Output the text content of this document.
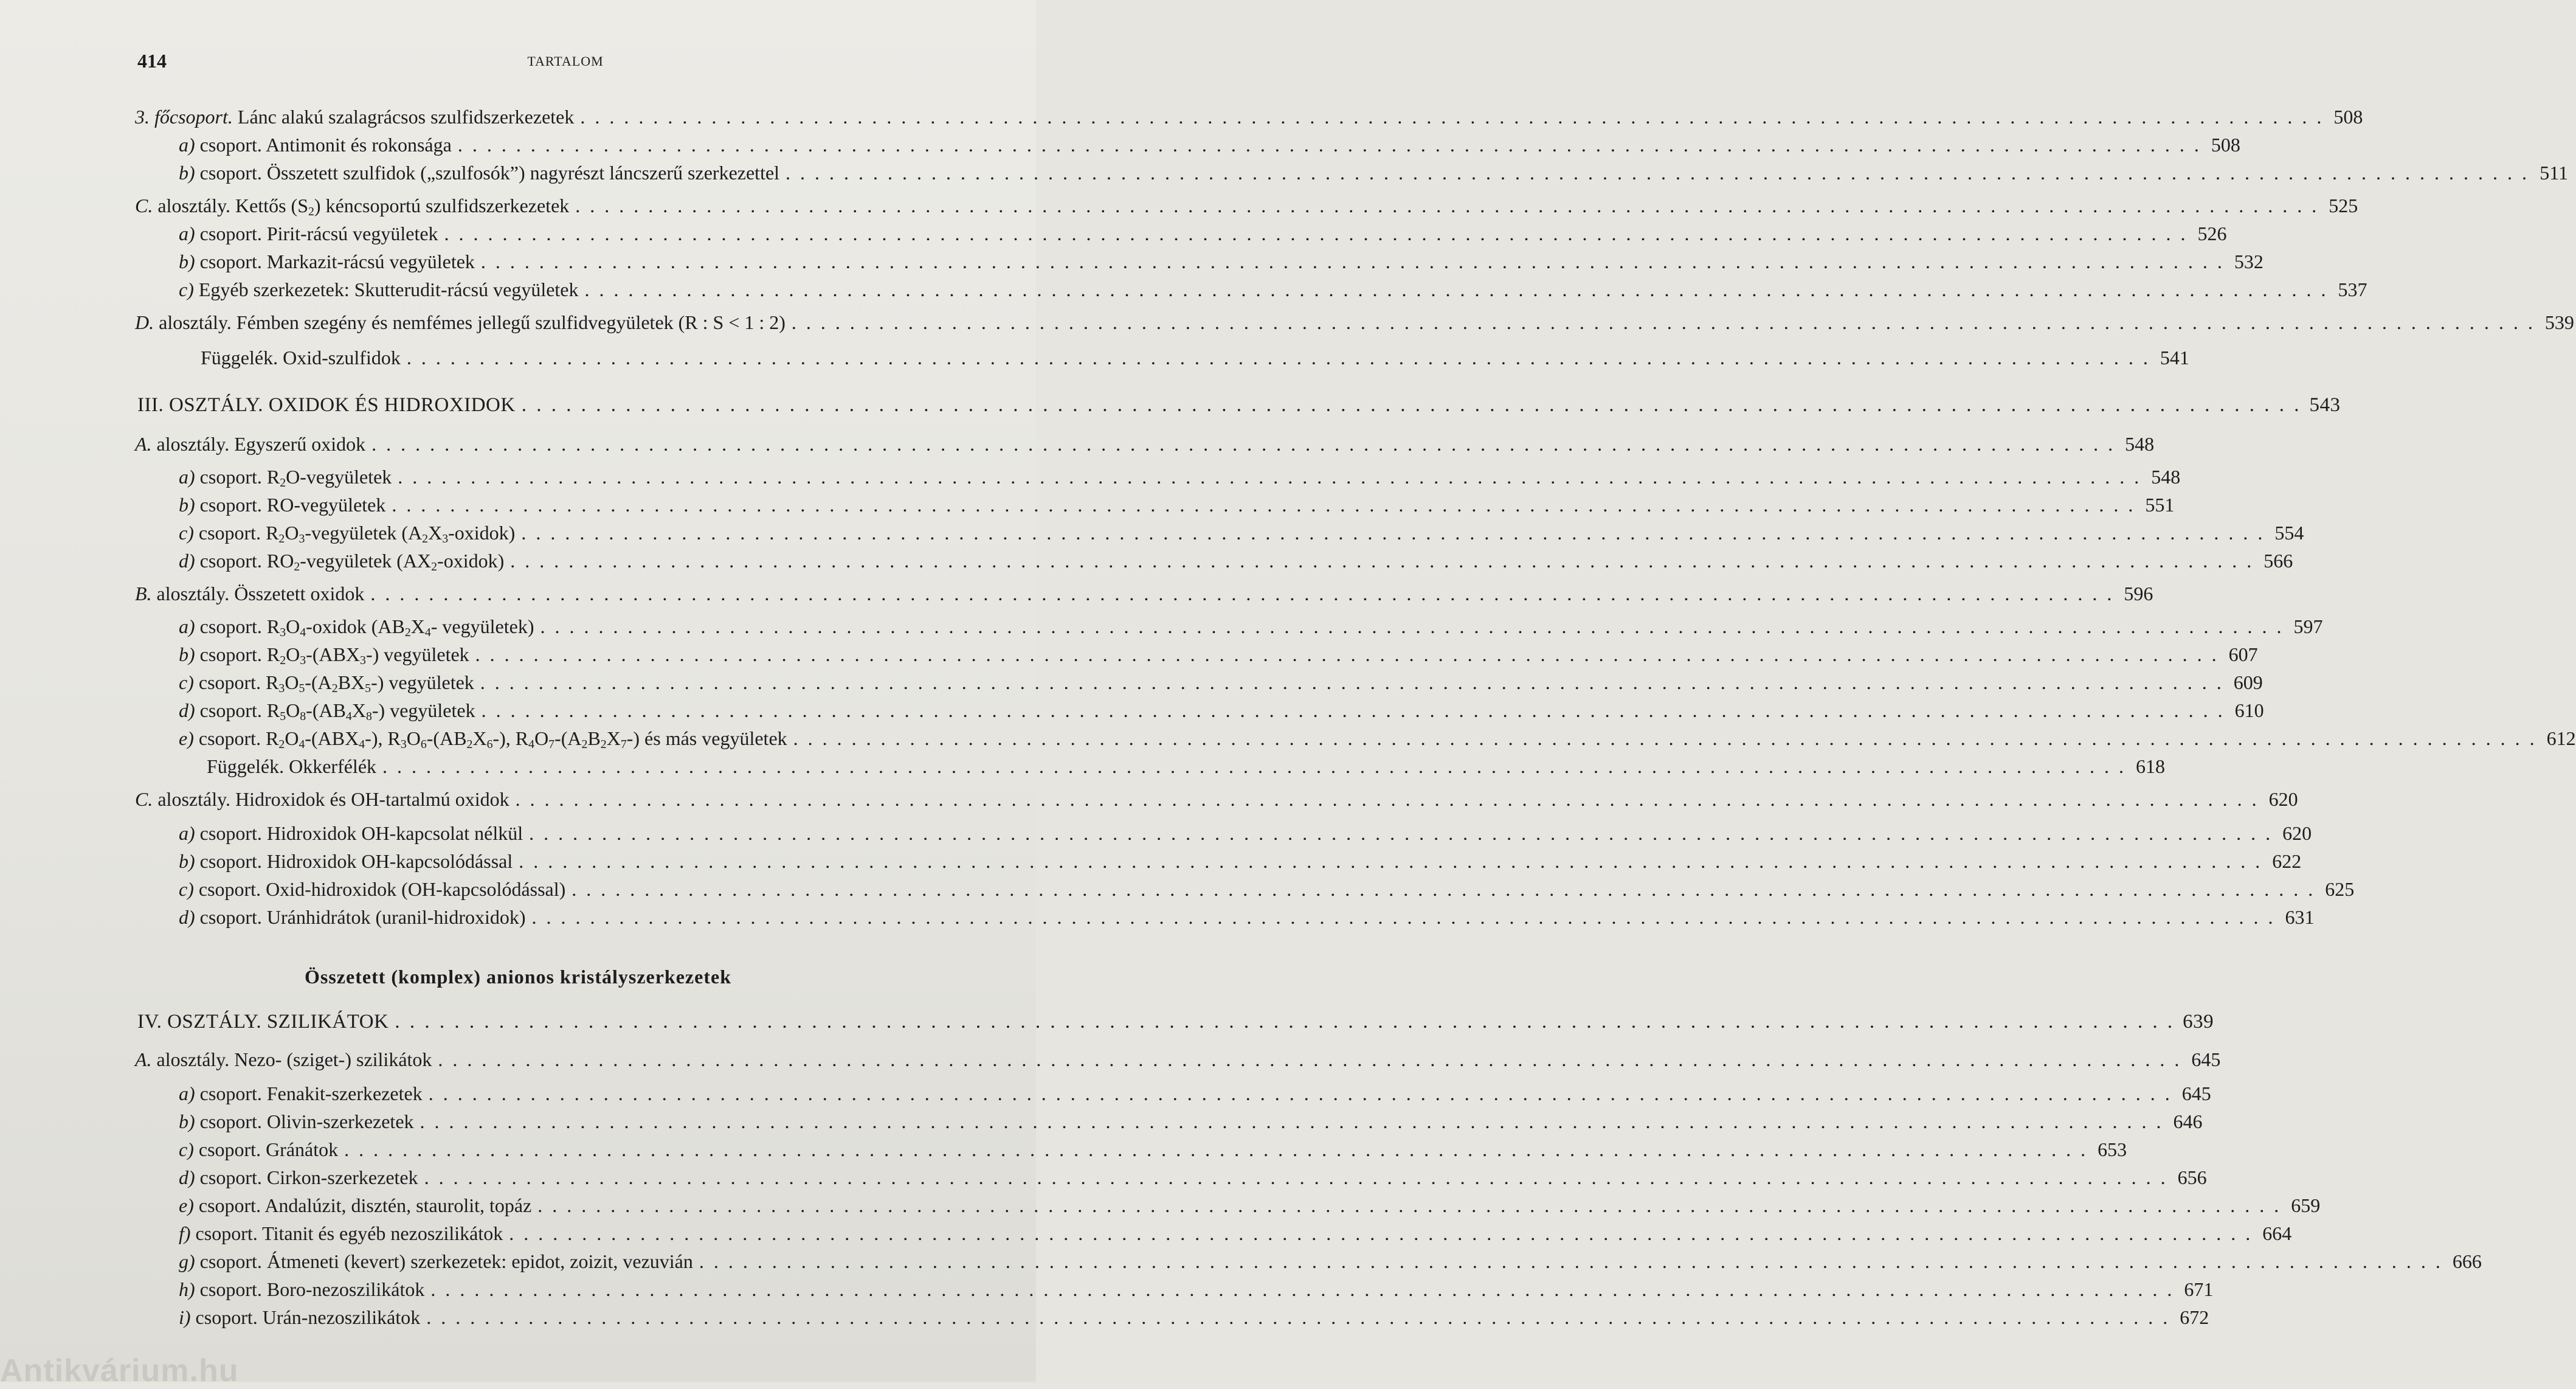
414	TARTALOM
3. főcsoport. Lánc alakú szalagrácsos szulfidszerkezetek . . . . . . . . . . . . . . . . . . . . . . . . . . . . . . . . . . . . . . . . . . . . . . . . . . . . . . . . . . . . . . . . . . . . . . . . . . . . . . . . . . . . . . . . . . . . . . . . . . . . . . . . . . . . . . . . . . . . . . . . 508
a) csoport. Antimonit és rokonsága . . . . . . . . . . . . . . . . . . . . . . . . . . . . . . . . . . . . . . . . . . . . . . . . . . . . . . . . . . . . . . . . . . . . . . . . . . . . . . . . . . . . . . . . . . . . . . . . . . . . . . . . . . . . . . . . . . . . . . . . 508
b) csoport. Összetett szulfidok („szulfosók”) nagyrészt láncszerű szerkezettel . . . . . . . . . . . . . . . . . . . . . . . . . . . . . . . . . . . . . . . . . . . . . . . . . . . . . . . . . . . . . . . . . . . . . . . . . . . . . . . . . . . . . . . . . . . . . . . . . . . . . . . . . . . . . . . . . . . . . . . . 511
C. alosztály. Kettős $(S_2)$ kéncsoportú szulfidszerkezetek . . . . . . . . . . . . . . . . . . . . . . . . . . . . . . . . . . . . . . . . . . . . . . . . . . . . . . . . . . . . . . . . . . . . . . . . . . . . . . . . . . . . . . . . . . . . . . . . . . . . . . . . . . . . . . . . . . . . . . . . 525
a) csoport. Pirit-rácsú vegyületek . . . . . . . . . . . . . . . . . . . . . . . . . . . . . . . . . . . . . . . . . . . . . . . . . . . . . . . . . . . . . . . . . . . . . . . . . . . . . . . . . . . . . . . . . . . . . . . . . . . . . . . . . . . . . . . . . . . . . . . . 526
b) csoport. Markazit-rácsú vegyületek . . . . . . . . . . . . . . . . . . . . . . . . . . . . . . . . . . . . . . . . . . . . . . . . . . . . . . . . . . . . . . . . . . . . . . . . . . . . . . . . . . . . . . . . . . . . . . . . . . . . . . . . . . . . . . . . . . . . . . . . 532
c) Egyéb szerkezetek: Skutterudit-rácsú vegyületek . . . . . . . . . . . . . . . . . . . . . . . . . . . . . . . . . . . . . . . . . . . . . . . . . . . . . . . . . . . . . . . . . . . . . . . . . . . . . . . . . . . . . . . . . . . . . . . . . . . . . . . . . . . . . . . . . . . . . . . . 537
D. alosztály. Fémben szegény és nemfémes jellegű szulfidvegyületek (R : S < 1 : 2) . . . . . . . . . . . . . . . . . . . . . . . . . . . . . . . . . . . . . . . . . . . . . . . . . . . . . . . . . . . . . . . . . . . . . . . . . . . . . . . . . . . . . . . . . . . . . . . . . . . . . . . . . . . . . . . . . . . . . . . . 539
Függelék. Oxid-szulfidok . . . . . . . . . . . . . . . . . . . . . . . . . . . . . . . . . . . . . . . . . . . . . . . . . . . . . . . . . . . . . . . . . . . . . . . . . . . . . . . . . . . . . . . . . . . . . . . . . . . . . . . . . . . . . . . . . . . . . . . . 541
III. OSZTÁLY. OXIDOK ÉS HIDROXIDOK . . . . . . . . . . . . . . . . . . . . . . . . . . . . . . . . . . . . . . . . . . . . . . . . . . . . . . . . . . . . . . . . . . . . . . . . . . . . . . . . . . . . . . . . . . . . . . . . . . . . . . . . . . . . . . . . . . . . . . . . 543
A. alosztály. Egyszerű oxidok . . . . . . . . . . . . . . . . . . . . . . . . . . . . . . . . . . . . . . . . . . . . . . . . . . . . . . . . . . . . . . . . . . . . . . . . . . . . . . . . . . . . . . . . . . . . . . . . . . . . . . . . . . . . . . . . . . . . . . . . 548
a) csoport. $R_2O$-vegyületek . . . . . . . . . . . . . . . . . . . . . . . . . . . . . . . . . . . . . . . . . . . . . . . . . . . . . . . . . . . . . . . . . . . . . . . . . . . . . . . . . . . . . . . . . . . . . . . . . . . . . . . . . . . . . . . . . . . . . . . . 548
b) csoport. RO-vegyületek . . . . . . . . . . . . . . . . . . . . . . . . . . . . . . . . . . . . . . . . . . . . . . . . . . . . . . . . . . . . . . . . . . . . . . . . . . . . . . . . . . . . . . . . . . . . . . . . . . . . . . . . . . . . . . . . . . . . . . . . 551
c) csoport. $R_2O_3$-vegyületek $(A_2X_3-oxidok)$ . . . . . . . . . . . . . . . . . . . . . . . . . . . . . . . . . . . . . . . . . . . . . . . . . . . . . . . . . . . . . . . . . . . . . . . . . . . . . . . . . . . . . . . . . . . . . . . . . . . . . . . . . . . . . . . . . . . . . . . . 554
d) csoport. $RO_2$-vegyületek $(AX_2-oxidok)$ . . . . . . . . . . . . . . . . . . . . . . . . . . . . . . . . . . . . . . . . . . . . . . . . . . . . . . . . . . . . . . . . . . . . . . . . . . . . . . . . . . . . . . . . . . . . . . . . . . . . . . . . . . . . . . . . . . . . . . . . 566
B. alosztály. Összetett oxidok . . . . . . . . . . . . . . . . . . . . . . . . . . . . . . . . . . . . . . . . . . . . . . . . . . . . . . . . . . . . . . . . . . . . . . . . . . . . . . . . . . . . . . . . . . . . . . . . . . . . . . . . . . . . . . . . . . . . . . . . 596
a) csoport. $R_3O_4$-oxidok ($AB_2X_4-$ vegyületek) . . . . . . . . . . . . . . . . . . . . . . . . . . . . . . . . . . . . . . . . . . . . . . . . . . . . . . . . . . . . . . . . . . . . . . . . . . . . . . . . . . . . . . . . . . . . . . . . . . . . . . . . . . . . . . . . . . . . . . . . 597
b) csoport. $R_2O_3-(ABX_3-)$ vegyületek . . . . . . . . . . . . . . . . . . . . . . . . . . . . . . . . . . . . . . . . . . . . . . . . . . . . . . . . . . . . . . . . . . . . . . . . . . . . . . . . . . . . . . . . . . . . . . . . . . . . . . . . . . . . . . . . . . . . . . . . 607
c) csoport. $R_3O_5-(A_2BX_5-)$ vegyületek . . . . . . . . . . . . . . . . . . . . . . . . . . . . . . . . . . . . . . . . . . . . . . . . . . . . . . . . . . . . . . . . . . . . . . . . . . . . . . . . . . . . . . . . . . . . . . . . . . . . . . . . . . . . . . . . . . . . . . . . 609
d) csoport. $R_5O_8-(AB_4X_8-)$ vegyületek . . . . . . . . . . . . . . . . . . . . . . . . . . . . . . . . . . . . . . . . . . . . . . . . . . . . . . . . . . . . . . . . . . . . . . . . . . . . . . . . . . . . . . . . . . . . . . . . . . . . . . . . . . . . . . . . . . . . . . . . 610
e) csoport. $R_2O_4-(ABX_4-)$, $R_3O_6-(AB_2X_6-)$, $R_4O_7-(A_2B_2X_7-)$ és más vegyületek . . . . . . . . . . . . . . . . . . . . . . . . . . . . . . . . . . . . . . . . . . . . . . . . . . . . . . . . . . . . . . . . . . . . . . . . . . . . . . . . . . . . . . . . . . . . . . . . . . . . . . . . . . . . . . . . . . . . . . . . 612
Függelék. Okkerfélék . . . . . . . . . . . . . . . . . . . . . . . . . . . . . . . . . . . . . . . . . . . . . . . . . . . . . . . . . . . . . . . . . . . . . . . . . . . . . . . . . . . . . . . . . . . . . . . . . . . . . . . . . . . . . . . . . . . . . . . . 618
C. alosztály. Hidroxidok és OH-tartalmú oxidok . . . . . . . . . . . . . . . . . . . . . . . . . . . . . . . . . . . . . . . . . . . . . . . . . . . . . . . . . . . . . . . . . . . . . . . . . . . . . . . . . . . . . . . . . . . . . . . . . . . . . . . . . . . . . . . . . . . . . . . . 620
a) csoport. Hidroxidok OH-kapcsolat nélkül . . . . . . . . . . . . . . . . . . . . . . . . . . . . . . . . . . . . . . . . . . . . . . . . . . . . . . . . . . . . . . . . . . . . . . . . . . . . . . . . . . . . . . . . . . . . . . . . . . . . . . . . . . . . . . . . . . . . . . . . 620
b) csoport. Hidroxidok OH-kapcsolódással . . . . . . . . . . . . . . . . . . . . . . . . . . . . . . . . . . . . . . . . . . . . . . . . . . . . . . . . . . . . . . . . . . . . . . . . . . . . . . . . . . . . . . . . . . . . . . . . . . . . . . . . . . . . . . . . . . . . . . . . 622
c) csoport. Oxid-hidroxidok (OH-kapcsolódással) . . . . . . . . . . . . . . . . . . . . . . . . . . . . . . . . . . . . . . . . . . . . . . . . . . . . . . . . . . . . . . . . . . . . . . . . . . . . . . . . . . . . . . . . . . . . . . . . . . . . . . . . . . . . . . . . . . . . . . . . 625
d) csoport. Uránhidrátok (uranil-hidroxidok) . . . . . . . . . . . . . . . . . . . . . . . . . . . . . . . . . . . . . . . . . . . . . . . . . . . . . . . . . . . . . . . . . . . . . . . . . . . . . . . . . . . . . . . . . . . . . . . . . . . . . . . . . . . . . . . . . . . . . . . . 631
IV. OSZTÁLY. SZILIKÁTOK . . . . . . . . . . . . . . . . . . . . . . . . . . . . . . . . . . . . . . . . . . . . . . . . . . . . . . . . . . . . . . . . . . . . . . . . . . . . . . . . . . . . . . . . . . . . . . . . . . . . . . . . . . . . . . . . . . . . . . . . 639
A. alosztály. Nezo- (sziget-) szilikátok . . . . . . . . . . . . . . . . . . . . . . . . . . . . . . . . . . . . . . . . . . . . . . . . . . . . . . . . . . . . . . . . . . . . . . . . . . . . . . . . . . . . . . . . . . . . . . . . . . . . . . . . . . . . . . . . . . . . . . . . 645
a) csoport. Fenakit-szerkezetek . . . . . . . . . . . . . . . . . . . . . . . . . . . . . . . . . . . . . . . . . . . . . . . . . . . . . . . . . . . . . . . . . . . . . . . . . . . . . . . . . . . . . . . . . . . . . . . . . . . . . . . . . . . . . . . . . . . . . . . . 645
b) csoport. Olivin-szerkezetek . . . . . . . . . . . . . . . . . . . . . . . . . . . . . . . . . . . . . . . . . . . . . . . . . . . . . . . . . . . . . . . . . . . . . . . . . . . . . . . . . . . . . . . . . . . . . . . . . . . . . . . . . . . . . . . . . . . . . . . . 646
c) csoport. Gránátok . . . . . . . . . . . . . . . . . . . . . . . . . . . . . . . . . . . . . . . . . . . . . . . . . . . . . . . . . . . . . . . . . . . . . . . . . . . . . . . . . . . . . . . . . . . . . . . . . . . . . . . . . . . . . . . . . . . . . . . . 653
d) csoport. Cirkon-szerkezetek . . . . . . . . . . . . . . . . . . . . . . . . . . . . . . . . . . . . . . . . . . . . . . . . . . . . . . . . . . . . . . . . . . . . . . . . . . . . . . . . . . . . . . . . . . . . . . . . . . . . . . . . . . . . . . . . . . . . . . . . 656
e) csoport. Andalúzit, disztén, staurolit, topáz . . . . . . . . . . . . . . . . . . . . . . . . . . . . . . . . . . . . . . . . . . . . . . . . . . . . . . . . . . . . . . . . . . . . . . . . . . . . . . . . . . . . . . . . . . . . . . . . . . . . . . . . . . . . . . . . . . . . . . . . 659
f) csoport. Titanit és egyéb nezoszilikátok . . . . . . . . . . . . . . . . . . . . . . . . . . . . . . . . . . . . . . . . . . . . . . . . . . . . . . . . . . . . . . . . . . . . . . . . . . . . . . . . . . . . . . . . . . . . . . . . . . . . . . . . . . . . . . . . . . . . . . . . 664
g) csoport. Átmeneti (kevert) szerkezetek: epidot, zoizit, vezuvián . . . . . . . . . . . . . . . . . . . . . . . . . . . . . . . . . . . . . . . . . . . . . . . . . . . . . . . . . . . . . . . . . . . . . . . . . . . . . . . . . . . . . . . . . . . . . . . . . . . . . . . . . . . . . . . . . . . . . . . . 666
h) csoport. Boro-nezoszilikátok . . . . . . . . . . . . . . . . . . . . . . . . . . . . . . . . . . . . . . . . . . . . . . . . . . . . . . . . . . . . . . . . . . . . . . . . . . . . . . . . . . . . . . . . . . . . . . . . . . . . . . . . . . . . . . . . . . . . . . . . 671
i) csoport. Urán-nezoszilikátok . . . . . . . . . . . . . . . . . . . . . . . . . . . . . . . . . . . . . . . . . . . . . . . . . . . . . . . . . . . . . . . . . . . . . . . . . . . . . . . . . . . . . . . . . . . . . . . . . . . . . . . . . . . . . . . . . . . . . . . . 672
Összetett (komplex) anionos kristályszerkezetek
Antikvárium.hu
